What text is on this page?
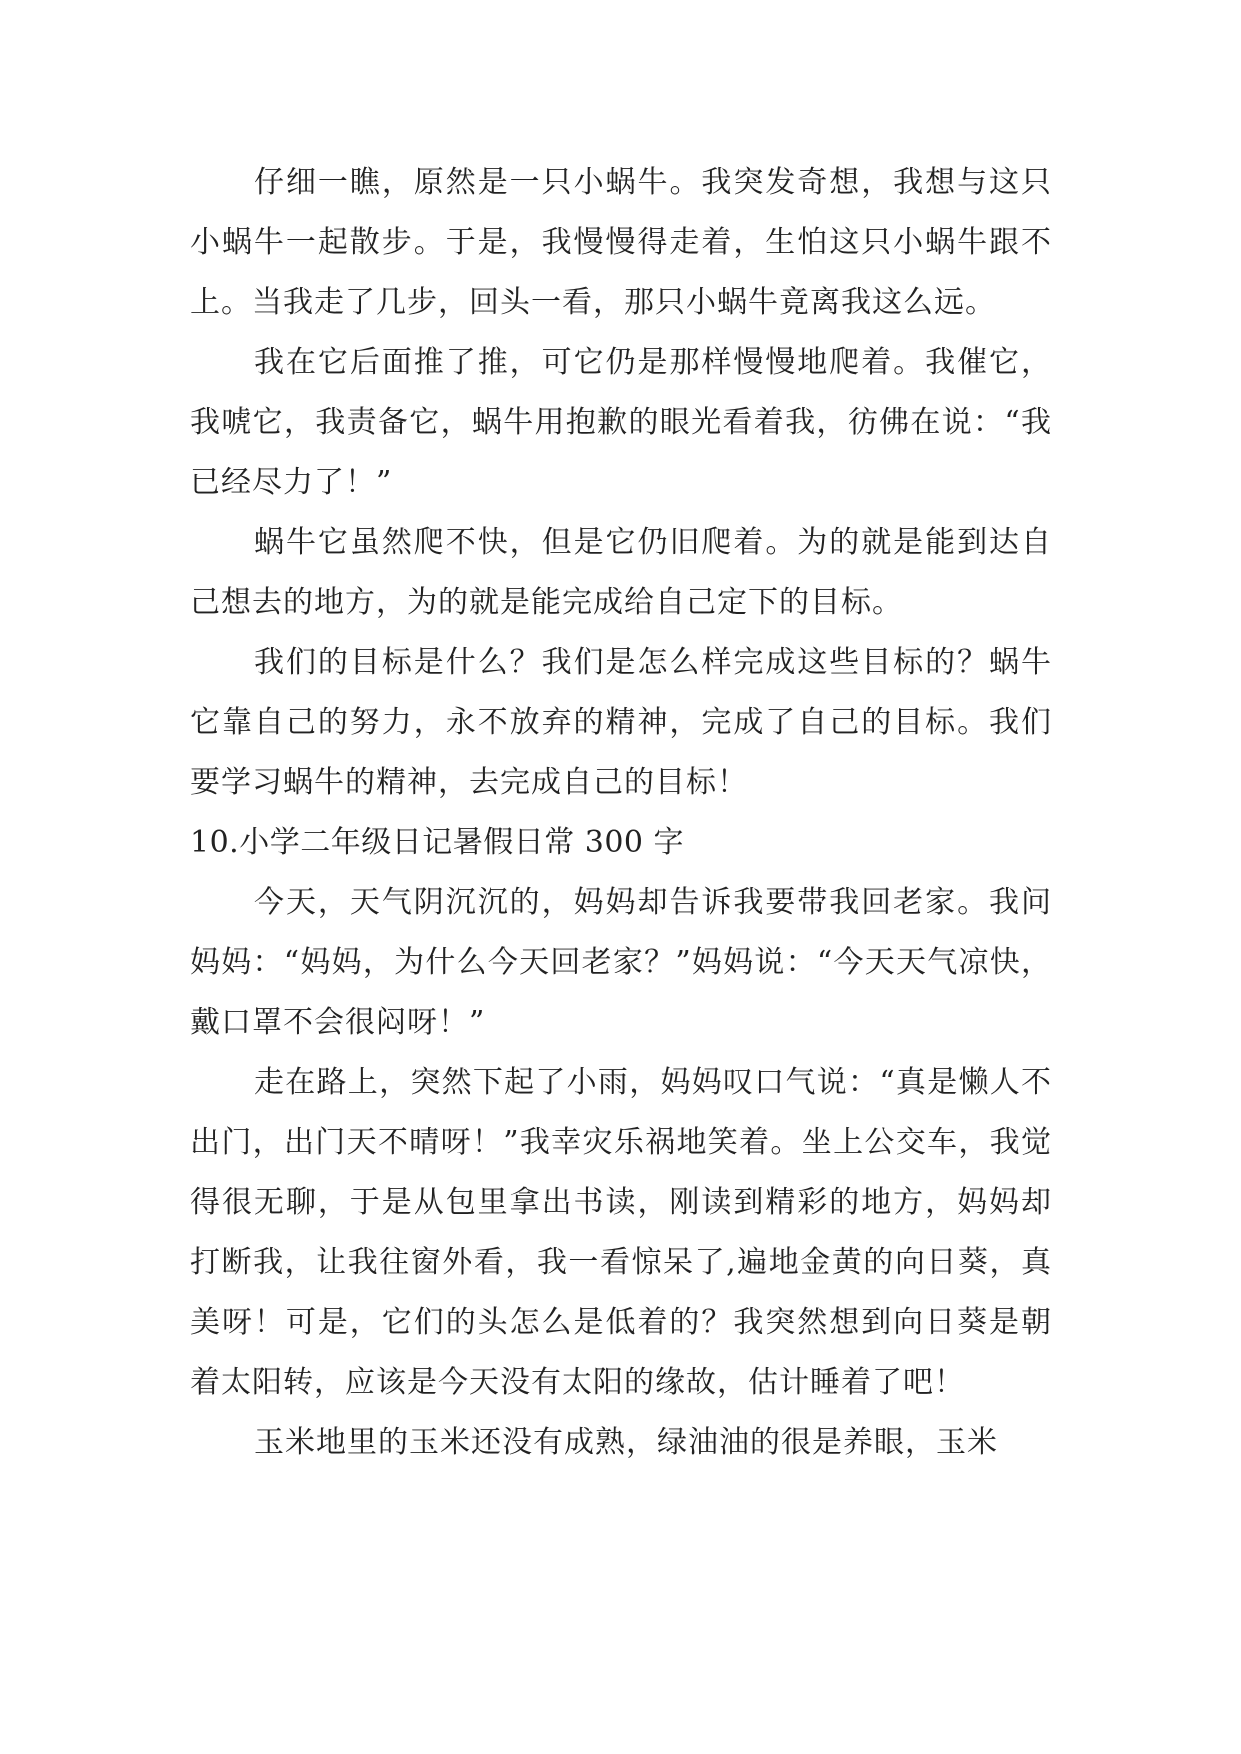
仔细一瞧，原然是一只小蜗牛。我突发奇想，我想与这只小蜗牛一起散步。于是，我慢慢得走着，生怕这只小蜗牛跟不上。当我走了几步，回头一看，那只小蜗牛竟离我这么远。

我在它后面推了推，可它仍是那样慢慢地爬着。我催它，我唬它，我责备它，蜗牛用抱歉的眼光看着我，彷佛在说：“我已经尽力了！”

蜗牛它虽然爬不快，但是它仍旧爬着。为的就是能到达自己想去的地方，为的就是能完成给自己定下的目标。

我们的目标是什么？我们是怎么样完成这些目标的？蜗牛它靠自己的努力，永不放弃的精神，完成了自己的目标。我们要学习蜗牛的精神，去完成自己的目标！

10.小学二年级日记暑假日常 300 字

今天，天气阴沉沉的，妈妈却告诉我要带我回老家。我问妈妈：“妈妈，为什么今天回老家？”妈妈说：“今天天气凉快，戴口罩不会很闷呀！”

走在路上，突然下起了小雨，妈妈叹口气说：“真是懒人不出门，出门天不晴呀！”我幸灾乐祸地笑着。坐上公交车，我觉得很无聊，于是从包里拿出书读，刚读到精彩的地方，妈妈却打断我，让我往窗外看，我一看惊呆了,遍地金黄的向日葵，真美呀！可是，它们的头怎么是低着的？我突然想到向日葵是朝着太阳转，应该是今天没有太阳的缘故，估计睡着了吧！

玉米地里的玉米还没有成熟，绿油油的很是养眼，玉米
